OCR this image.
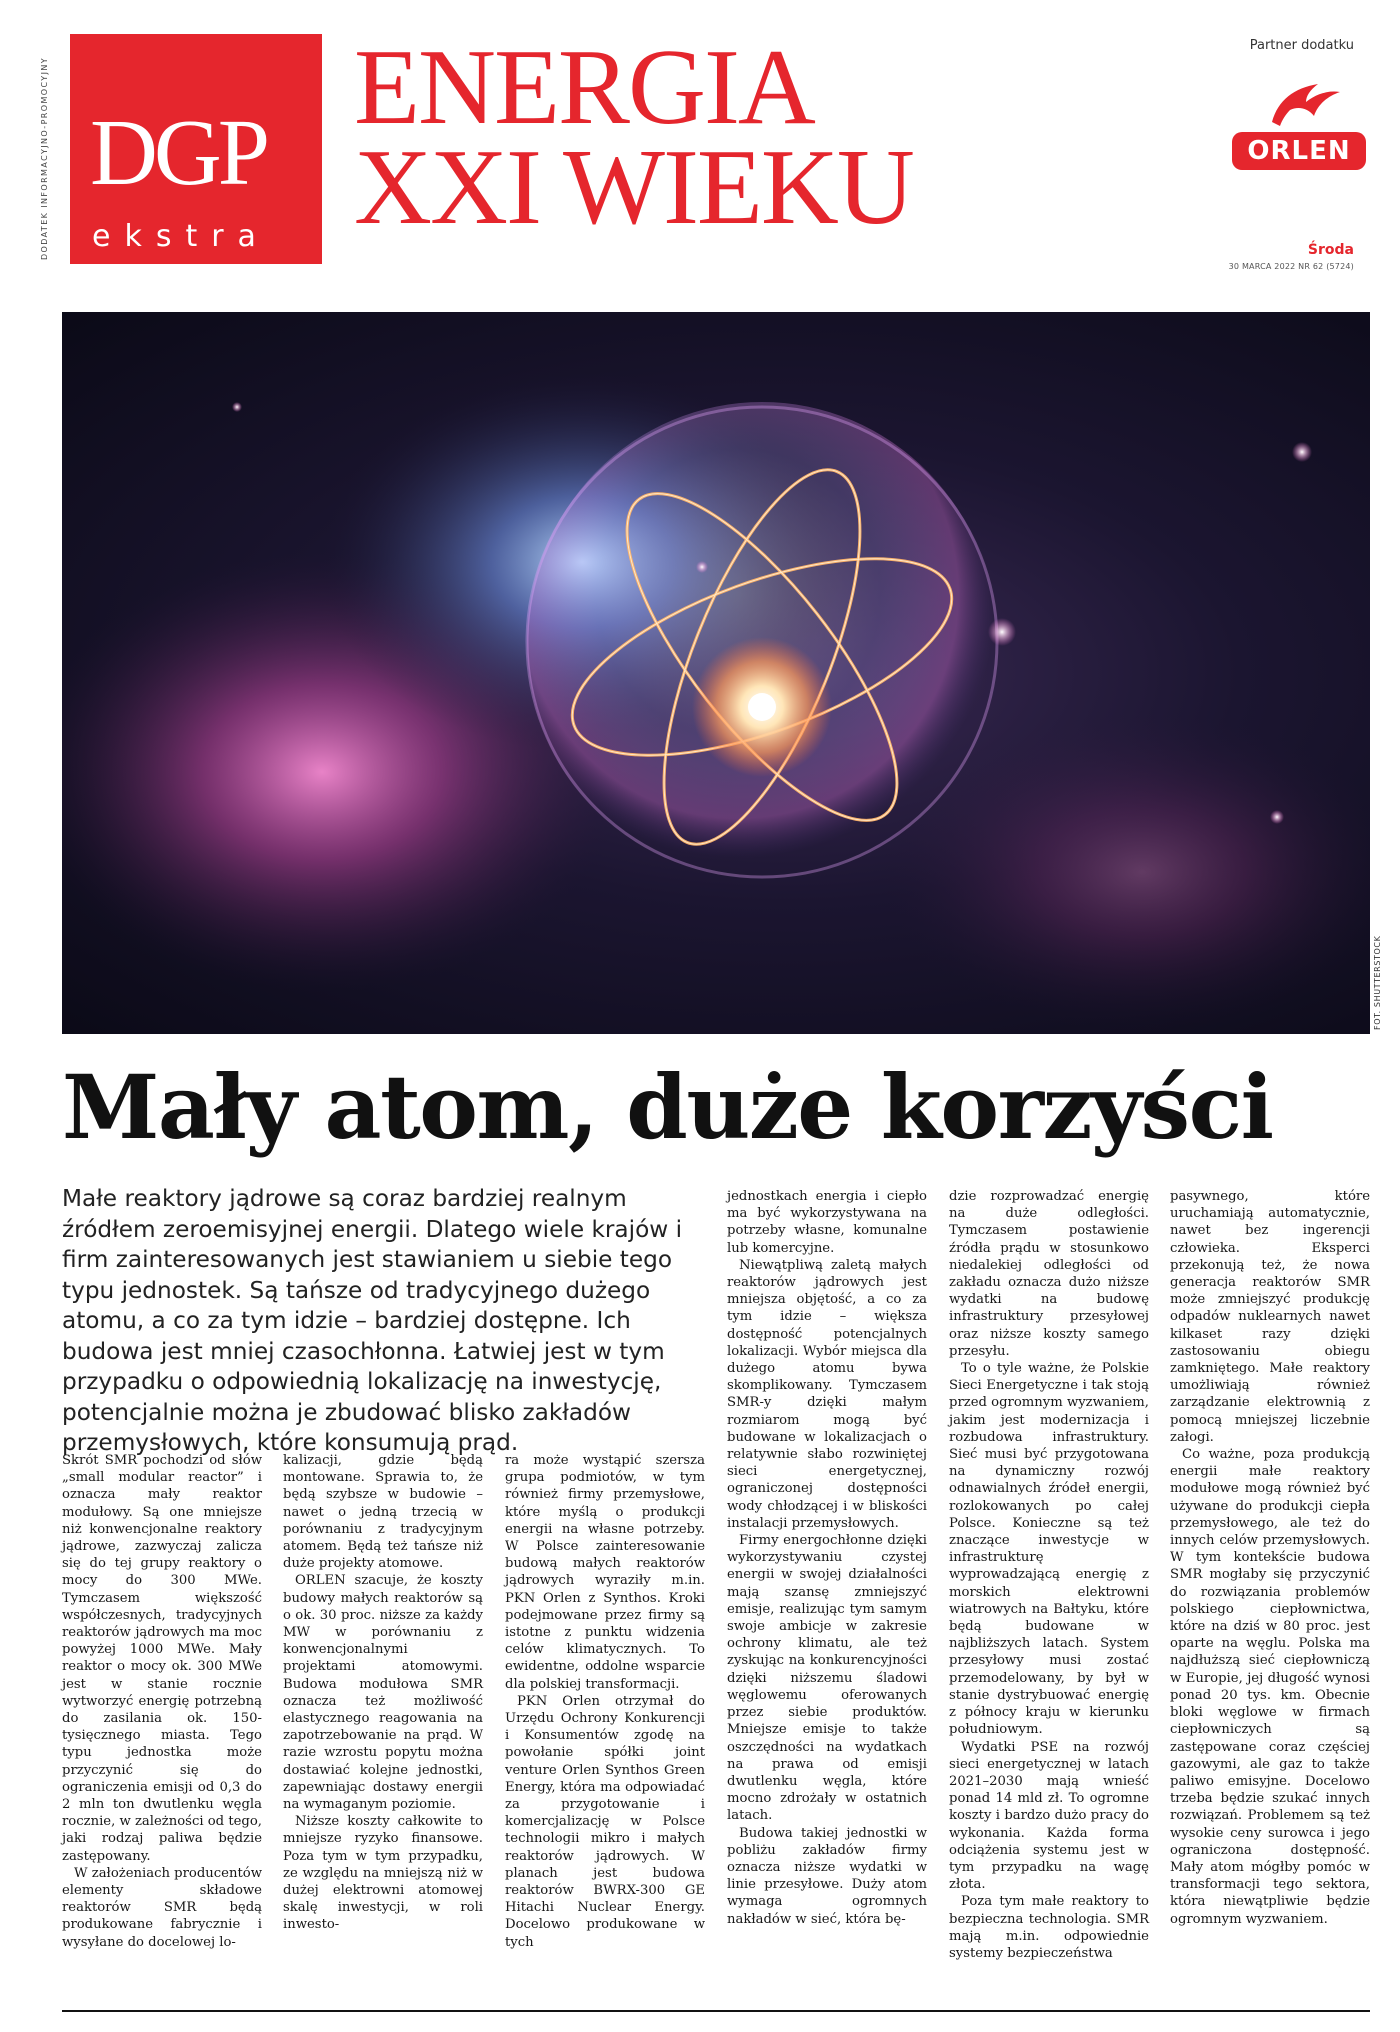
DODATEK INFORMACYJNO-PROMOCYJNY DGP
ekstra
ENERGIA
XXI WIEKU
Partner dodatku
ORLEN
Środa
30 MARCA 2022 NR 62 (5724)
FOT. SHUTTERSTOCK
Mały atom, duże korzyści
Małe reaktory jądrowe są coraz bardziej realnym źródłem zeroemisyjnej energii. Dlatego wiele krajów i firm zainteresowanych jest stawianiem u siebie tego typu jednostek. Są tańsze od tradycyjnego dużego atomu, a co za tym idzie – bardziej dostępne. Ich budowa jest mniej czasochłonna. Łatwiej jest w tym przypadku o odpowiednią lokalizację na inwestycję, potencjalnie można je zbudować blisko zakładów przemysłowych, które konsumują prąd.

Skrót SMR pochodzi od słów „small modular reactor” i oznacza mały reaktor modułowy. Są one mniejsze niż konwencjonalne reaktory jądrowe, zazwyczaj zalicza się do tej grupy reaktory o mocy do 300 MWe. Tymczasem większość współczesnych, tradycyjnych reaktorów jądrowych ma moc powyżej 1000 MWe. Mały reaktor o mocy ok. 300 MWe jest w stanie rocznie wytworzyć energię potrzebną do zasilania ok. 150-tysięcznego miasta. Tego typu jednostka może przyczynić się do ograniczenia emisji od 0,3 do 2 mln ton dwutlenku węgla rocznie, w zależności od tego, jaki rodzaj paliwa będzie zastępowany.

W założeniach producentów elementy składowe reaktorów SMR będą produkowane fabrycznie i wysyłane do docelowej lo-

kalizacji, gdzie będą montowane. Sprawia to, że będą szybsze w budowie – nawet o jedną trzecią w porównaniu z tradycyjnym atomem. Będą też tańsze niż duże projekty atomowe.

ORLEN szacuje, że koszty budowy małych reaktorów są o ok. 30 proc. niższe za każdy MW w porównaniu z konwencjonalnymi projektami atomowymi. Budowa modułowa SMR oznacza też możliwość elastycznego reagowania na zapotrzebowanie na prąd. W razie wzrostu popytu można dostawiać kolejne jednostki, zapewniając dostawy energii na wymaganym poziomie.

Niższe koszty całkowite to mniejsze ryzyko finansowe. Poza tym w tym przypadku, ze względu na mniejszą niż w dużej elektrowni atomowej skalę inwestycji, w roli inwesto-

ra może wystąpić szersza grupa podmiotów, w tym również firmy przemysłowe, które myślą o produkcji energii na własne potrzeby. W Polsce zainteresowanie budową małych reaktorów jądrowych wyraziły m.in. PKN Orlen z Synthos. Kroki podejmowane przez firmy są istotne z punktu widzenia celów klimatycznych. To ewidentne, oddolne wsparcie dla polskiej transformacji.

PKN Orlen otrzymał do Urzędu Ochrony Konkurencji i Konsumentów zgodę na powołanie spółki joint venture Orlen Synthos Green Energy, która ma odpowiadać za przygotowanie i komercjalizację w Polsce technologii mikro i małych reaktorów jądrowych. W planach jest budowa reaktorów BWRX-300 GE Hitachi Nuclear Energy. Docelowo produkowane w tych

jednostkach energia i ciepło ma być wykorzystywana na potrzeby własne, komunalne lub komercyjne.

Niewątpliwą zaletą małych reaktorów jądrowych jest mniejsza objętość, a co za tym idzie – większa dostępność potencjalnych lokalizacji. Wybór miejsca dla dużego atomu bywa skomplikowany. Tymczasem SMR-y dzięki małym rozmiarom mogą być budowane w lokalizacjach o relatywnie słabo rozwiniętej sieci energetycznej, ograniczonej dostępności wody chłodzącej i w bliskości instalacji przemysłowych.

Firmy energochłonne dzięki wykorzystywaniu czystej energii w swojej działalności mają szansę zmniejszyć emisje, realizując tym samym swoje ambicje w zakresie ochrony klimatu, ale też zyskując na konkurencyjności dzięki niższemu śladowi węglowemu oferowanych przez siebie produktów. Mniejsze emisje to także oszczędności na wydatkach na prawa od emisji dwutlenku węgla, które mocno zdrożały w ostatnich latach.

Budowa takiej jednostki w pobliżu zakładów firmy oznacza niższe wydatki w linie przesyłowe. Duży atom wymaga ogromnych nakładów w sieć, która bę-

dzie rozprowadzać energię na duże odległości. Tymczasem postawienie źródła prądu w stosunkowo niedalekiej odległości od zakładu oznacza dużo niższe wydatki na budowę infrastruktury przesyłowej oraz niższe koszty samego przesyłu.

To o tyle ważne, że Polskie Sieci Energetyczne i tak stoją przed ogromnym wyzwaniem, jakim jest modernizacja i rozbudowa infrastruktury. Sieć musi być przygotowana na dynamiczny rozwój odnawialnych źródeł energii, rozlokowanych po całej Polsce. Konieczne są też znaczące inwestycje w infrastrukturę wyprowadzającą energię z morskich elektrowni wiatrowych na Bałtyku, które będą budowane w najbliższych latach. System przesyłowy musi zostać przemodelowany, by był w stanie dystrybuować energię z północy kraju w kierunku południowym.

Wydatki PSE na rozwój sieci energetycznej w latach 2021–2030 mają wnieść ponad 14 mld zł. To ogromne koszty i bardzo dużo pracy do wykonania. Każda forma odciążenia systemu jest w tym przypadku na wagę złota.

Poza tym małe reaktory to bezpieczna technologia. SMR mają m.in. odpowiednie systemy bezpieczeństwa

pasywnego, które uruchamiają automatycznie, nawet bez ingerencji człowieka. Eksperci przekonują też, że nowa generacja reaktorów SMR może zmniejszyć produkcję odpadów nuklearnych nawet kilkaset razy dzięki zastosowaniu obiegu zamkniętego. Małe reaktory umożliwiają również zarządzanie elektrownią z pomocą mniejszej liczebnie załogi.

Co ważne, poza produkcją energii małe reaktory modułowe mogą również być używane do produkcji ciepła przemysłowego, ale też do innych celów przemysłowych. W tym kontekście budowa SMR mogłaby się przyczynić do rozwiązania problemów polskiego ciepłownictwa, które na dziś w 80 proc. jest oparte na węglu. Polska ma najdłuższą sieć ciepłowniczą w Europie, jej długość wynosi ponad 20 tys. km. Obecnie bloki węglowe w firmach ciepłowniczych są zastępowane coraz częściej gazowymi, ale gaz to także paliwo emisyjne. Docelowo trzeba będzie szukać innych rozwiązań. Problemem są też wysokie ceny surowca i jego ograniczona dostępność. Mały atom mógłby pomóc w transformacji tego sektora, która niewątpliwie będzie ogromnym wyzwaniem.
